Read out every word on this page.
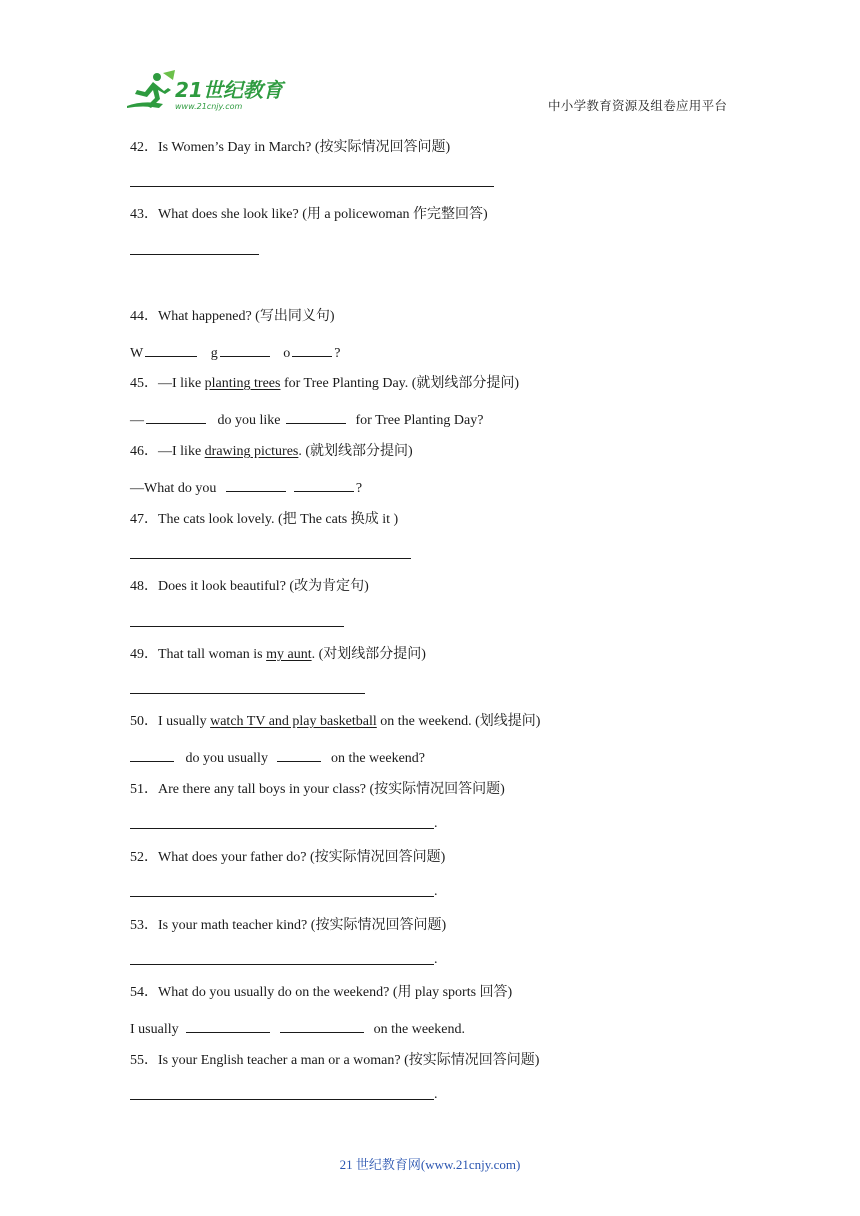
21世纪教育
www.21cnjy.com	中小学教育资源及组卷应用平台
42．Is Women’s Day in March? (按实际情况回答问题)
43．What does she look like? (用 a policewoman 作完整回答)
44．What happened? (写出同义句)
W	g	o	?
45．—I like planting trees for Tree Planting Day. (就划线部分提问)
—	do you like	for Tree Planting Day?
46．—I like drawing pictures. (就划线部分提问)
—What do you	?
47．The cats look lovely. (把 The cats 换成 it )
48．Does it look beautiful? (改为肯定句)
49．That tall woman is my aunt. (对划线部分提问)
50．I usually watch TV and play basketball on the weekend. (划线提问)
do you usually	on the weekend?
51．Are there any tall boys in your class? (按实际情况回答问题)
.
52．What does your father do? (按实际情况回答问题)
.
53．Is your math teacher kind? (按实际情况回答问题)
.
54．What do you usually do on the weekend? (用 play sports 回答)
I usually	on the weekend.
55．Is your English teacher a man or a woman? (按实际情况回答问题)
.
21 世纪教育网(www.21cnjy.com)
